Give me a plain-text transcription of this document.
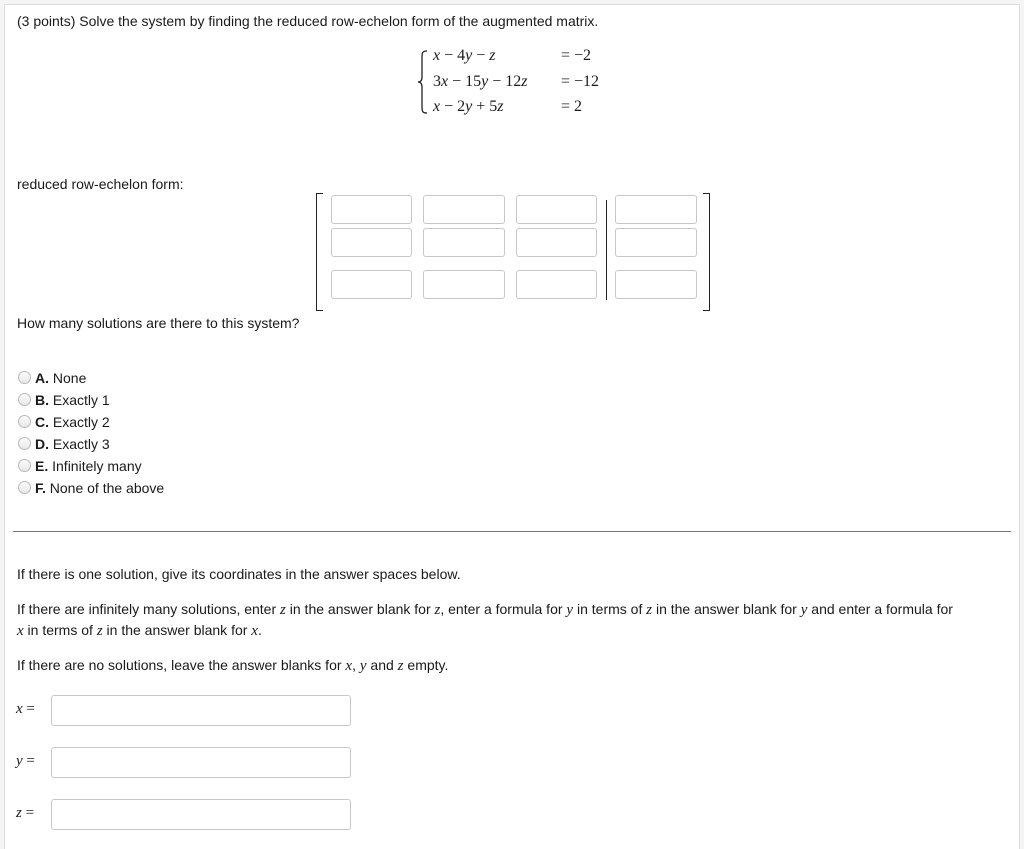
(3 points) Solve the system by finding the reduced row-echelon form of the augmented matrix.
x − 4y − z	= −2
3x − 15y − 12z = −12
x − 2y + 5z	= 2
reduced row-echelon form:
How many solutions are there to this system?
A. None
B. Exactly 1
C. Exactly 2
D. Exactly 3
E. Infinitely many
F. None of the above
If there is one solution, give its coordinates in the answer spaces below.
If there are infinitely many solutions, enter z in the answer blank for z, enter a formula for y in terms of z in the answer blank for y and enter a formula for
x in terms of z in the answer blank for x.
If there are no solutions, leave the answer blanks for x, y and z empty.
x =
y =
z =
